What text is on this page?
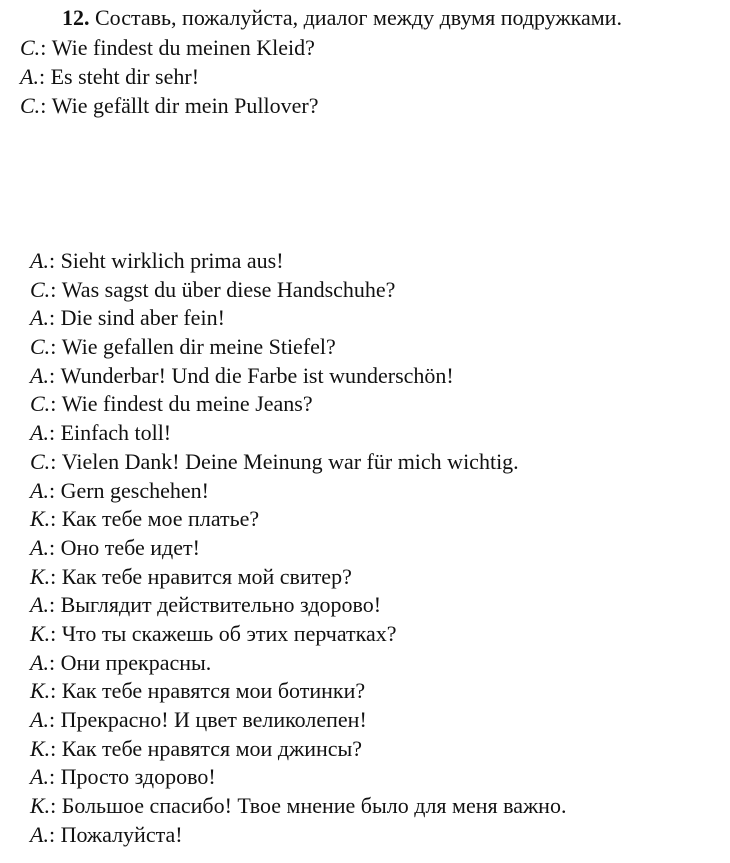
12. Составь, пожалуйста, диалог между двумя подружками.
С.: Wie findest du meinen Kleid?
А.: Es steht dir sehr!
С.: Wie gefällt dir mein Pullover?
А.: Sieht wirklich prima aus!
С.: Was sagst du über diese Handschuhe?
А.: Die sind aber fein!
С.: Wie gefallen dir meine Stiefel?
А.: Wunderbar! Und die Farbe ist wunderschön!
С.: Wie findest du meine Jeans?
А.: Einfach toll!
С.: Vielen Dank! Deine Meinung war für mich wichtig.
А.: Gern geschehen!
К.: Как тебе мое платье?
А.: Оно тебе идет!
К.: Как тебе нравится мой свитер?
А.: Выглядит действительно здорово!
К.: Что ты скажешь об этих перчатках?
А.: Они прекрасны.
К.: Как тебе нравятся мои ботинки?
А.: Прекрасно! И цвет великолепен!
К.: Как тебе нравятся мои джинсы?
А.: Просто здорово!
К.: Большое спасибо! Твое мнение было для меня важно.
А.: Пожалуйста!
